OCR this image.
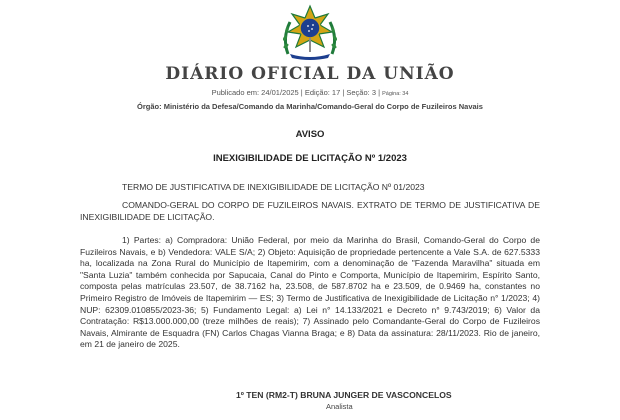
DIÁRIO OFICIAL DA UNIÃO
Publicado em: 24/01/2025 | Edição: 17 | Seção: 3 | Página: 34
Órgão: Ministério da Defesa/Comando da Marinha/Comando-Geral do Corpo de Fuzileiros Navais
AVISO
INEXIGIBILIDADE DE LICITAÇÃO Nº 1/2023

TERMO DE JUSTIFICATIVA DE INEXIGIBILIDADE DE LICITAÇÃO Nº 01/2023

COMANDO-GERAL DO CORPO DE FUZILEIROS NAVAIS. EXTRATO DE TERMO DE JUSTIFICATIVA DE INEXIGIBILIDADE DE LICITAÇÃO.

1) Partes: a) Compradora: União Federal, por meio da Marinha do Brasil, Comando-Geral do Corpo de Fuzileiros Navais, e b) Vendedora: VALE S/A; 2) Objeto: Aquisição de propriedade pertencente a Vale S.A. de 627.5333 ha, localizada na Zona Rural do Município de Itapemirim, com a denominação de "Fazenda Maravilha" situada em "Santa Luzia" também conhecida por Sapucaia, Canal do Pinto e Comporta, Município de Itapemirim, Espírito Santo, composta pelas matrículas 23.507, de 38.7162 ha, 23.508, de 587.8702 ha e 23.509, de 0.9469 ha, constantes no Primeiro Registro de Imóveis de Itapemirim — ES; 3) Termo de Justificativa de Inexigibilidade de Licitação n° 1/2023; 4) NUP: 62309.010855/2023-36; 5) Fundamento Legal: a) Lei n° 14.133/2021 e Decreto n° 9.743/2019; 6) Valor da Contratação: R$13.000.000,00 (treze milhões de reais); 7) Assinado pelo Comandante-Geral do Corpo de Fuzileiros Navais, Almirante de Esquadra (FN) Carlos Chagas Vianna Braga; e 8) Data da assinatura: 28/11/2023. Rio de janeiro, em 21 de janeiro de 2025.

1º TEN (RM2-T) BRUNA JUNGER DE VASCONCELOS
Analista
